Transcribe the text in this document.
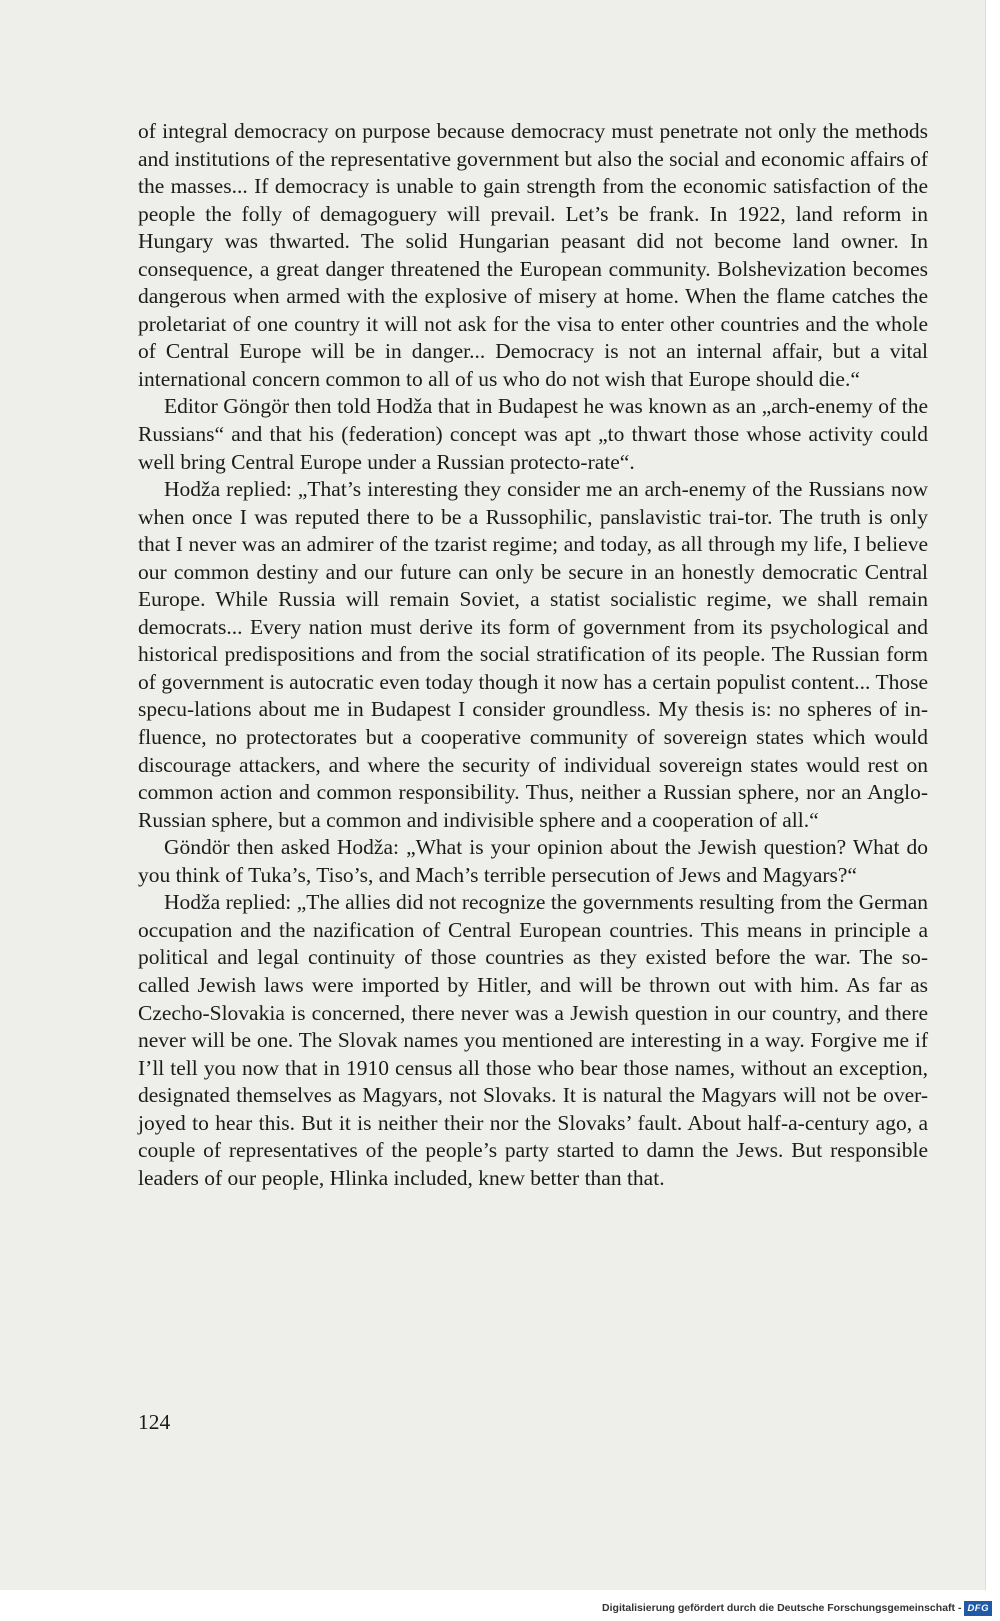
of integral democracy on purpose because democracy must penetrate not only the methods and institutions of the representative government but also the social and economic affairs of the masses... If democracy is unable to gain strength from the economic satisfaction of the people the folly of demagoguery will prevail. Let’s be frank. In 1922, land reform in Hungary was thwarted. The solid Hungarian peasant did not become land owner. In consequence, a great danger threatened the European community. Bolshevization becomes dangerous when armed with the explosive of misery at home. When the flame catches the proletariat of one country it will not ask for the visa to enter other countries and the whole of Central Europe will be in danger... Democracy is not an internal affair, but a vital international concern common to all of us who do not wish that Europe should die.“

Editor Göngör then told Hodža that in Budapest he was known as an „arch-enemy of the Russians“ and that his (federation) concept was apt „to thwart those whose activity could well bring Central Europe under a Russian protecto-rate“.

Hodža replied: „That’s interesting they consider me an arch-enemy of the Russians now when once I was reputed there to be a Russophilic, panslavistic trai-tor. The truth is only that I never was an admirer of the tzarist regime; and today, as all through my life, I believe our common destiny and our future can only be secure in an honestly democratic Central Europe. While Russia will remain Soviet, a statist socialistic regime, we shall remain democrats... Every nation must derive its form of government from its psychological and historical predispositions and from the social stratification of its people. The Russian form of government is autocratic even today though it now has a certain populist content... Those specu-lations about me in Budapest I consider groundless. My thesis is: no spheres of in-fluence, no protectorates but a cooperative community of sovereign states which would discourage attackers, and where the security of individual sovereign states would rest on common action and common responsibility. Thus, neither a Russian sphere, nor an Anglo-Russian sphere, but a common and indivisible sphere and a cooperation of all.“

Göndör then asked Hodža: „What is your opinion about the Jewish question? What do you think of Tuka’s, Tiso’s, and Mach’s terrible persecution of Jews and Magyars?“

Hodža replied: „The allies did not recognize the governments resulting from the German occupation and the nazification of Central European countries. This means in principle a political and legal continuity of those countries as they existed before the war. The so-called Jewish laws were imported by Hitler, and will be thrown out with him. As far as Czecho-Slovakia is concerned, there never was a Jewish question in our country, and there never will be one. The Slovak names you mentioned are interesting in a way. Forgive me if I’ll tell you now that in 1910 census all those who bear those names, without an exception, designated themselves as Magyars, not Slovaks. It is natural the Magyars will not be over-joyed to hear this. But it is neither their nor the Slovaks’ fault. About half-a-century ago, a couple of representatives of the people’s party started to damn the Jews. But responsible leaders of our people, Hlinka included, knew better than that.

124
Digitalisierung gefördert durch die Deutsche Forschungsgemeinschaft - DFG
